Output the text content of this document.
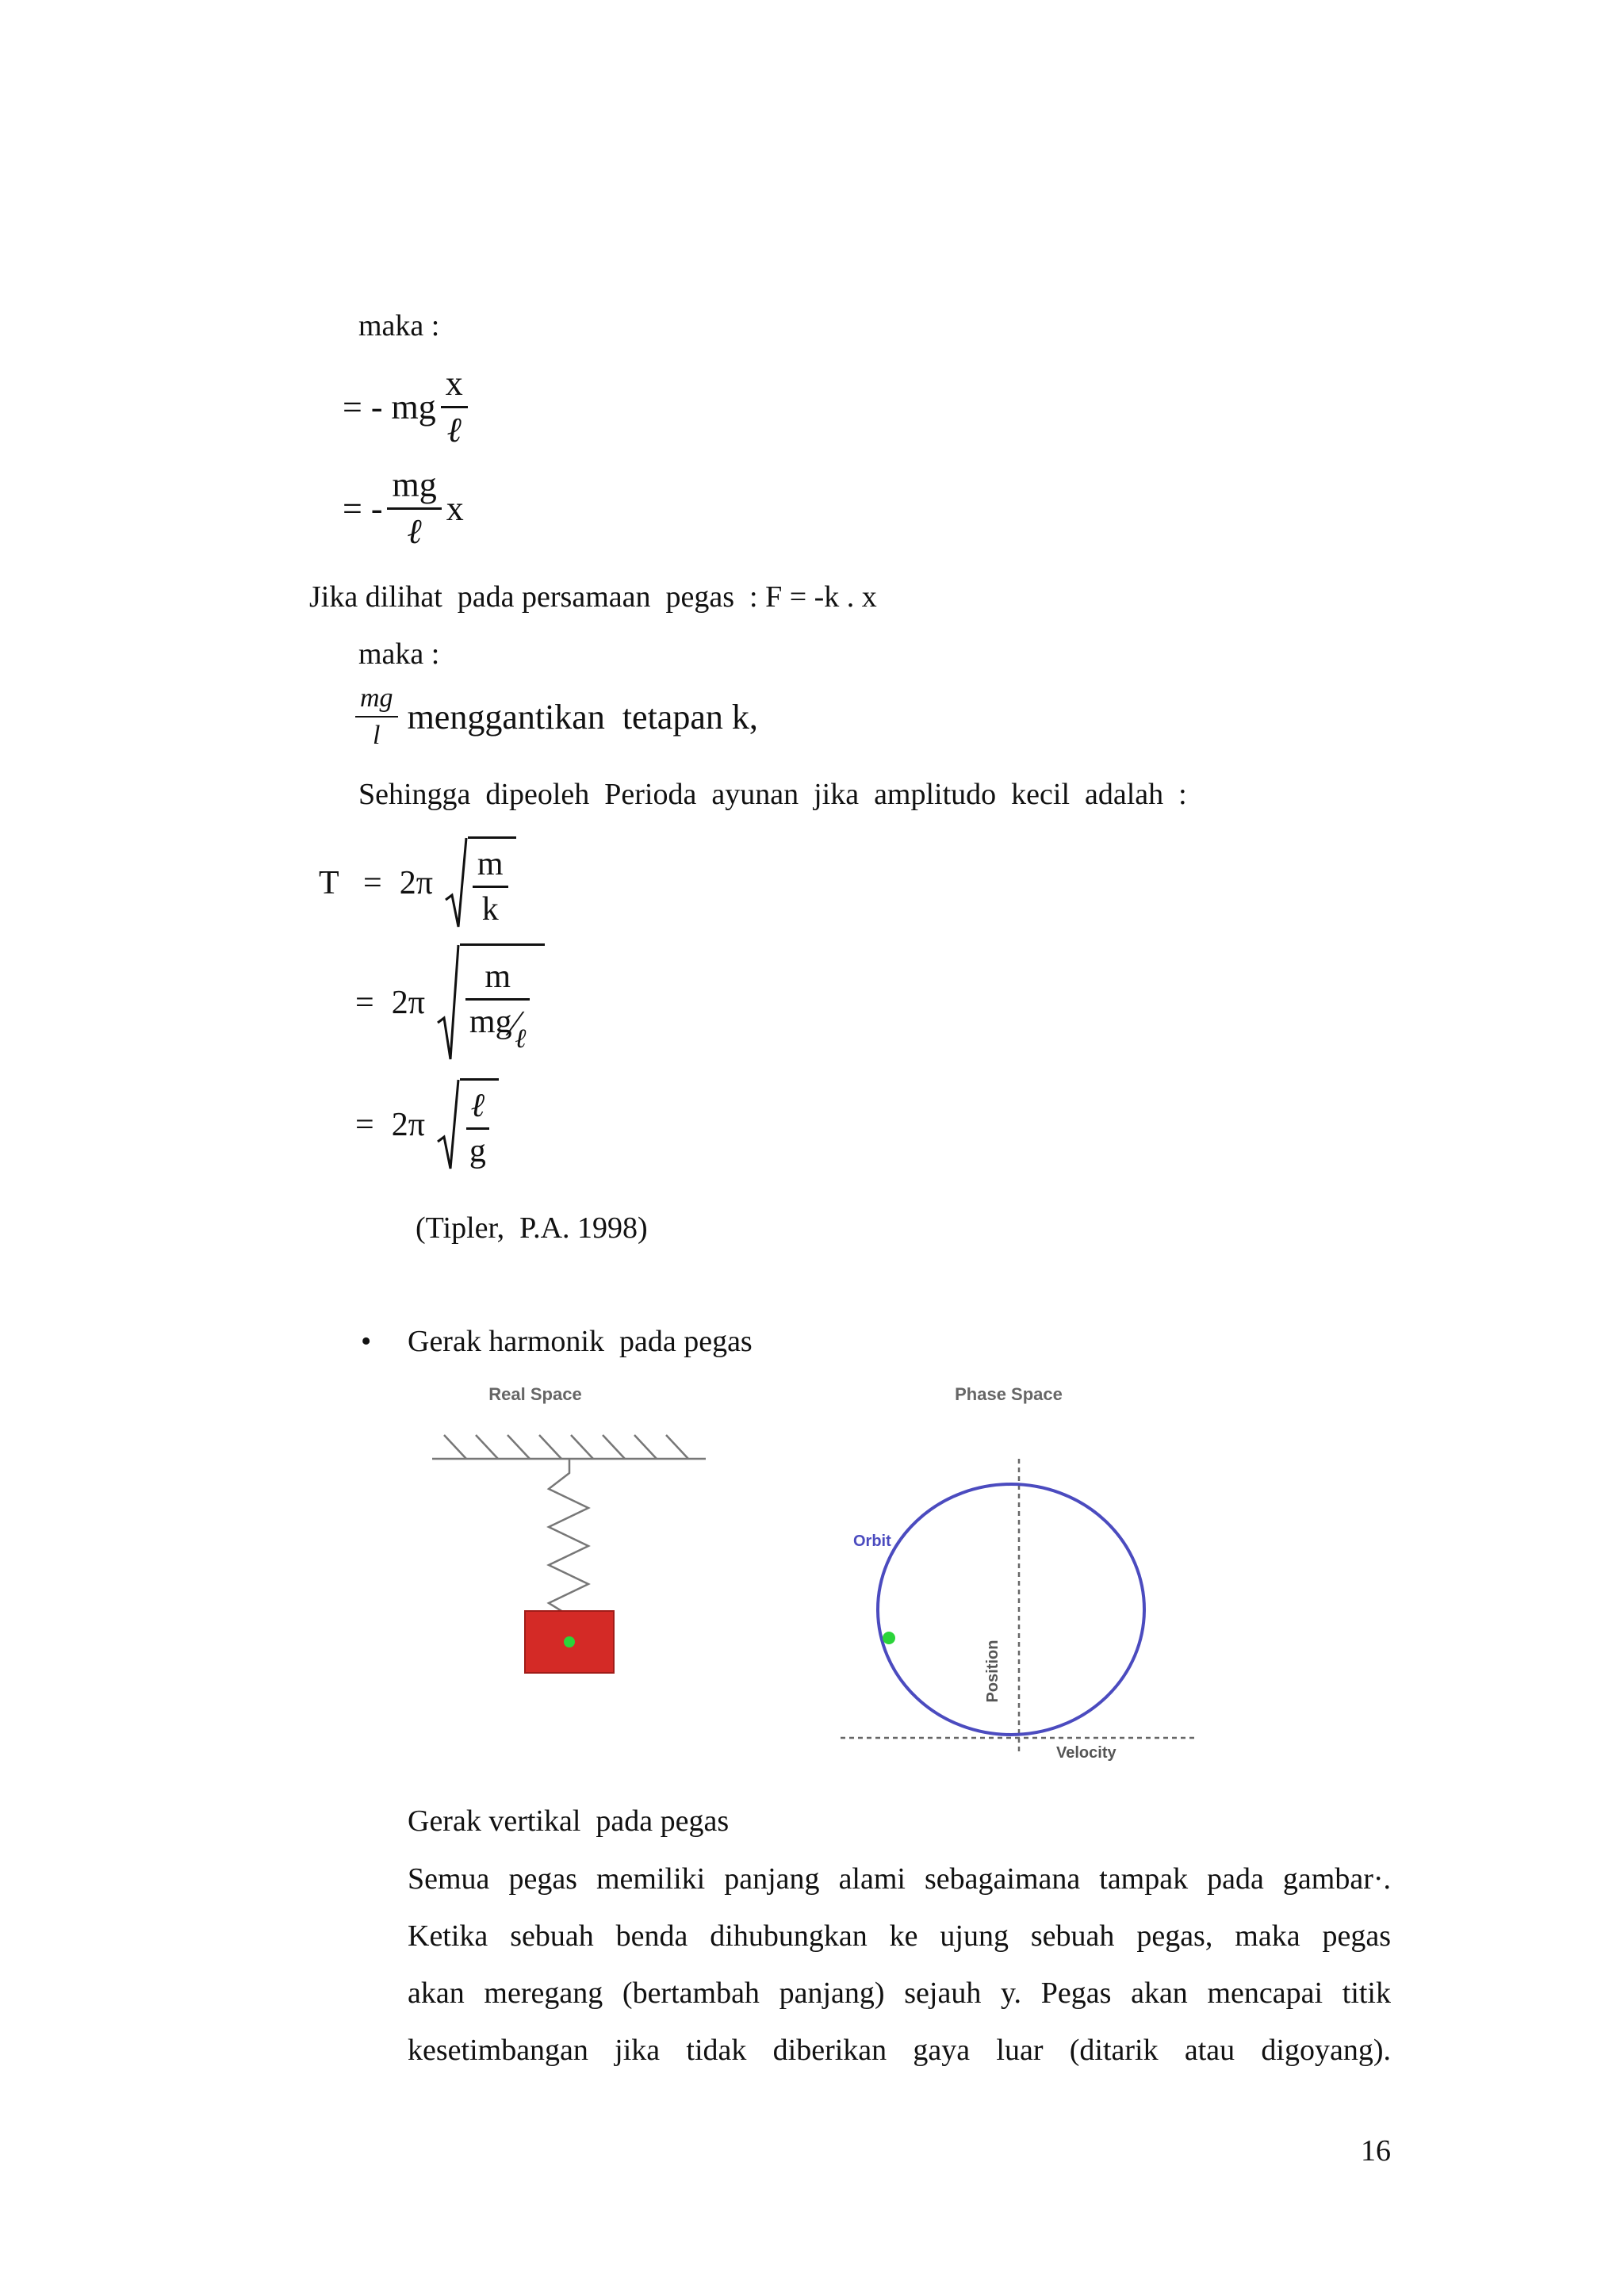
maka :
= - mg $\frac{x}{\text{ℓ}}$
= - $\frac{mg}{\text{ℓ}}$ x
Jika dilihat  pada persamaan  pegas  : F = -k . x
maka :
$\frac{mg}{l}$ menggantikan  tetapan k,
Sehingga  dipeoleh  Perioda  ayunan  jika  amplitudo  kecil  adalah  :
$T = 2\pi \frac{m}{k}$
= 2π m
mg ∕
ℓ
= $2\pi \frac{\text{ℓ}}{g}$
(Tipler,  P.A. 1998)
• Gerak harmonik  pada pegas
Real Space	Phase Space
Orbit
Position
Velocity
Gerak vertikal  pada pegas
Semua pegas memiliki panjang alami sebagaimana tampak pada gambar·.
Ketika sebuah benda dihubungkan ke ujung sebuah pegas, maka pegas
akan meregang (bertambah panjang) sejauh y. Pegas akan mencapai titik
kesetimbangan jika tidak diberikan gaya luar (ditarik atau digoyang).
16
